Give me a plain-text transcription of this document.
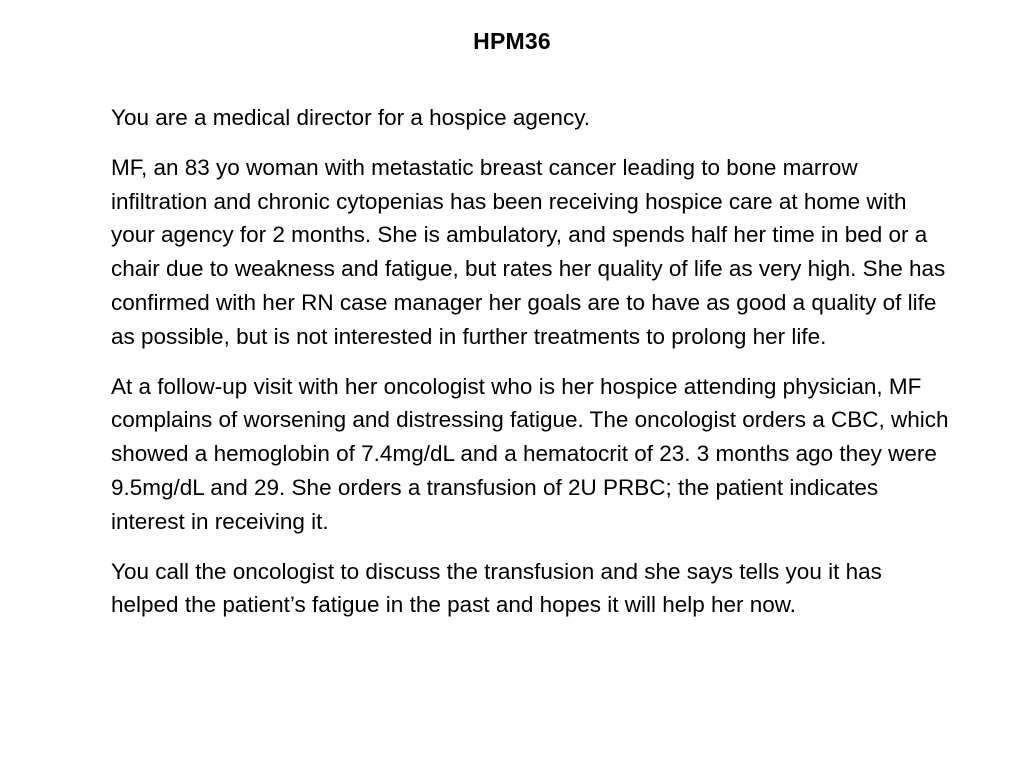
HPM36

You are a medical director for a hospice agency.

MF, an 83 yo woman with metastatic breast cancer leading to bone marrow infiltration and chronic cytopenias has been receiving hospice care at home with your agency for 2 months. She is ambulatory, and spends half her time in bed or a chair due to weakness and fatigue, but rates her quality of life as very high. She has confirmed with her RN case manager her goals are to have as good a quality of life as possible, but is not interested in further treatments to prolong her life.

At a follow-up visit with her oncologist who is her hospice attending physician, MF complains of worsening and distressing fatigue. The oncologist orders a CBC, which showed a hemoglobin of 7.4mg/dL and a hematocrit of 23. 3 months ago they were 9.5mg/dL and 29. She orders a transfusion of 2U PRBC; the patient indicates interest in receiving it.

You call the oncologist to discuss the transfusion and she says tells you it has helped the patient’s fatigue in the past and hopes it will help her now.
